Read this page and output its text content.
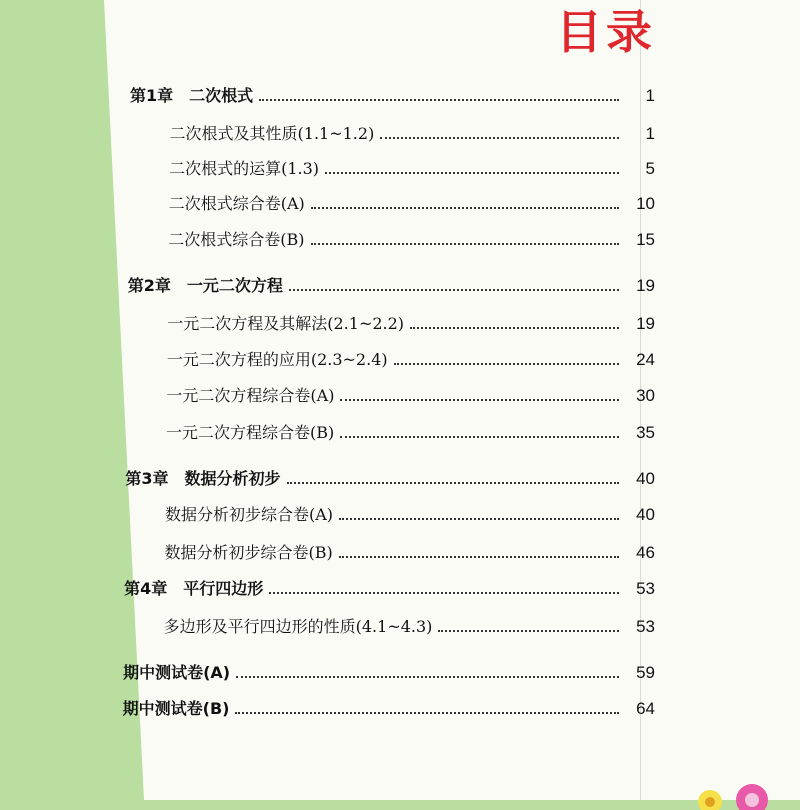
目录
第1章　二次根式	1
二次根式及其性质(1.1~1.2)	1
二次根式的运算(1.3)	5
二次根式综合卷(A)	10
二次根式综合卷(B)	15
第2章　一元二次方程	19
一元二次方程及其解法(2.1~2.2)	19
一元二次方程的应用(2.3~2.4)	24
一元二次方程综合卷(A)	30
一元二次方程综合卷(B)	35
第3章　数据分析初步	40
数据分析初步综合卷(A)	40
数据分析初步综合卷(B)	46
第4章　平行四边形	53
多边形及平行四边形的性质(4.1~4.3)	53
期中测试卷(A)	59
期中测试卷(B)	64
